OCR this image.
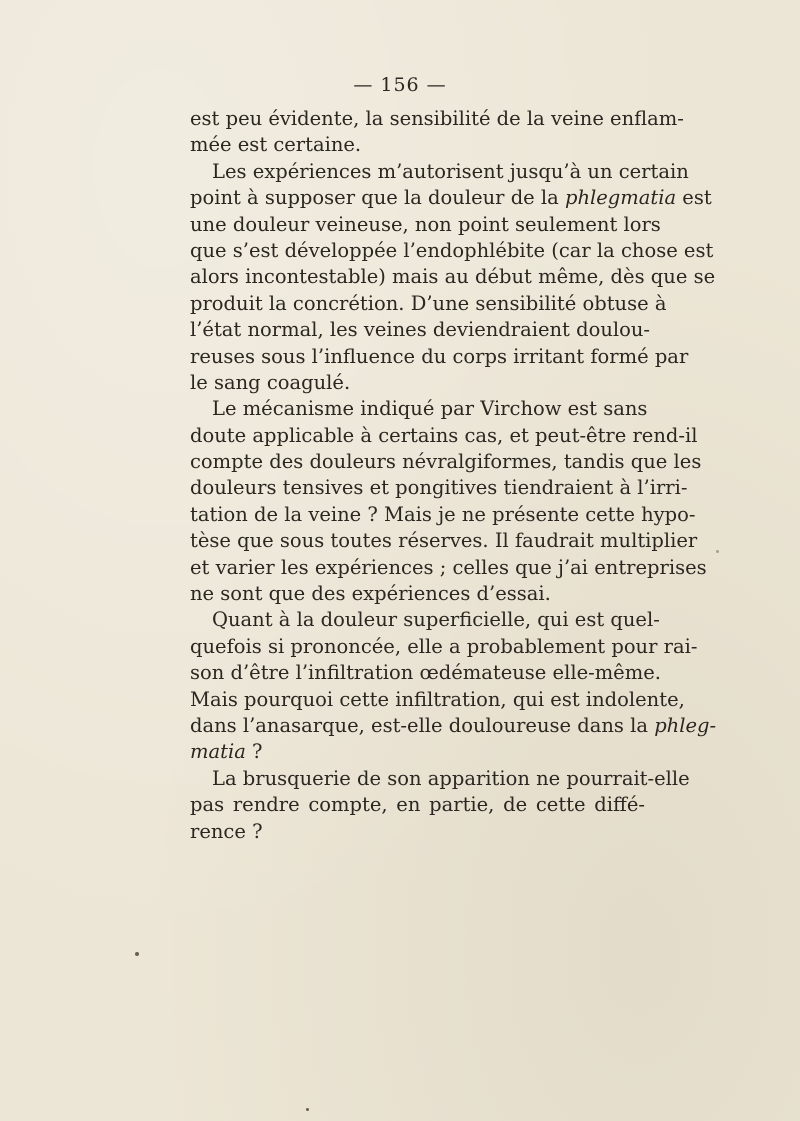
— 156 —
est peu évidente, la sensibilité de la veine enflam-
mée est certaine.
Les expériences m’autorisent jusqu’à un certain
point à supposer que la douleur de la phlegmatia est
une douleur veineuse, non point seulement lors
que s’est développée l’endophlébite (car la chose est
alors incontestable) mais au début même, dès que se
produit la concrétion. D’une sensibilité obtuse à
l’état normal, les veines deviendraient doulou-
reuses sous l’influence du corps irritant formé par
le sang coagulé.
Le mécanisme indiqué par Virchow est sans
doute applicable à certains cas, et peut-être rend-il
compte des douleurs névralgiformes, tandis que les
douleurs tensives et pongitives tiendraient à l’irri-
tation de la veine ? Mais je ne présente cette hypo-
tèse que sous toutes réserves. Il faudrait multiplier
et varier les expériences ; celles que j’ai entreprises
ne sont que des expériences d’essai.
Quant à la douleur superficielle, qui est quel-
quefois si prononcée, elle a probablement pour rai-
son d’être l’infiltration œdémateuse elle-même.
Mais pourquoi cette infiltration, qui est indolente,
dans l’anasarque, est-elle douloureuse dans la phleg-
matia ?
La brusquerie de son apparition ne pourrait-elle
pas rendre compte, en partie, de cette diffé-
rence ?
